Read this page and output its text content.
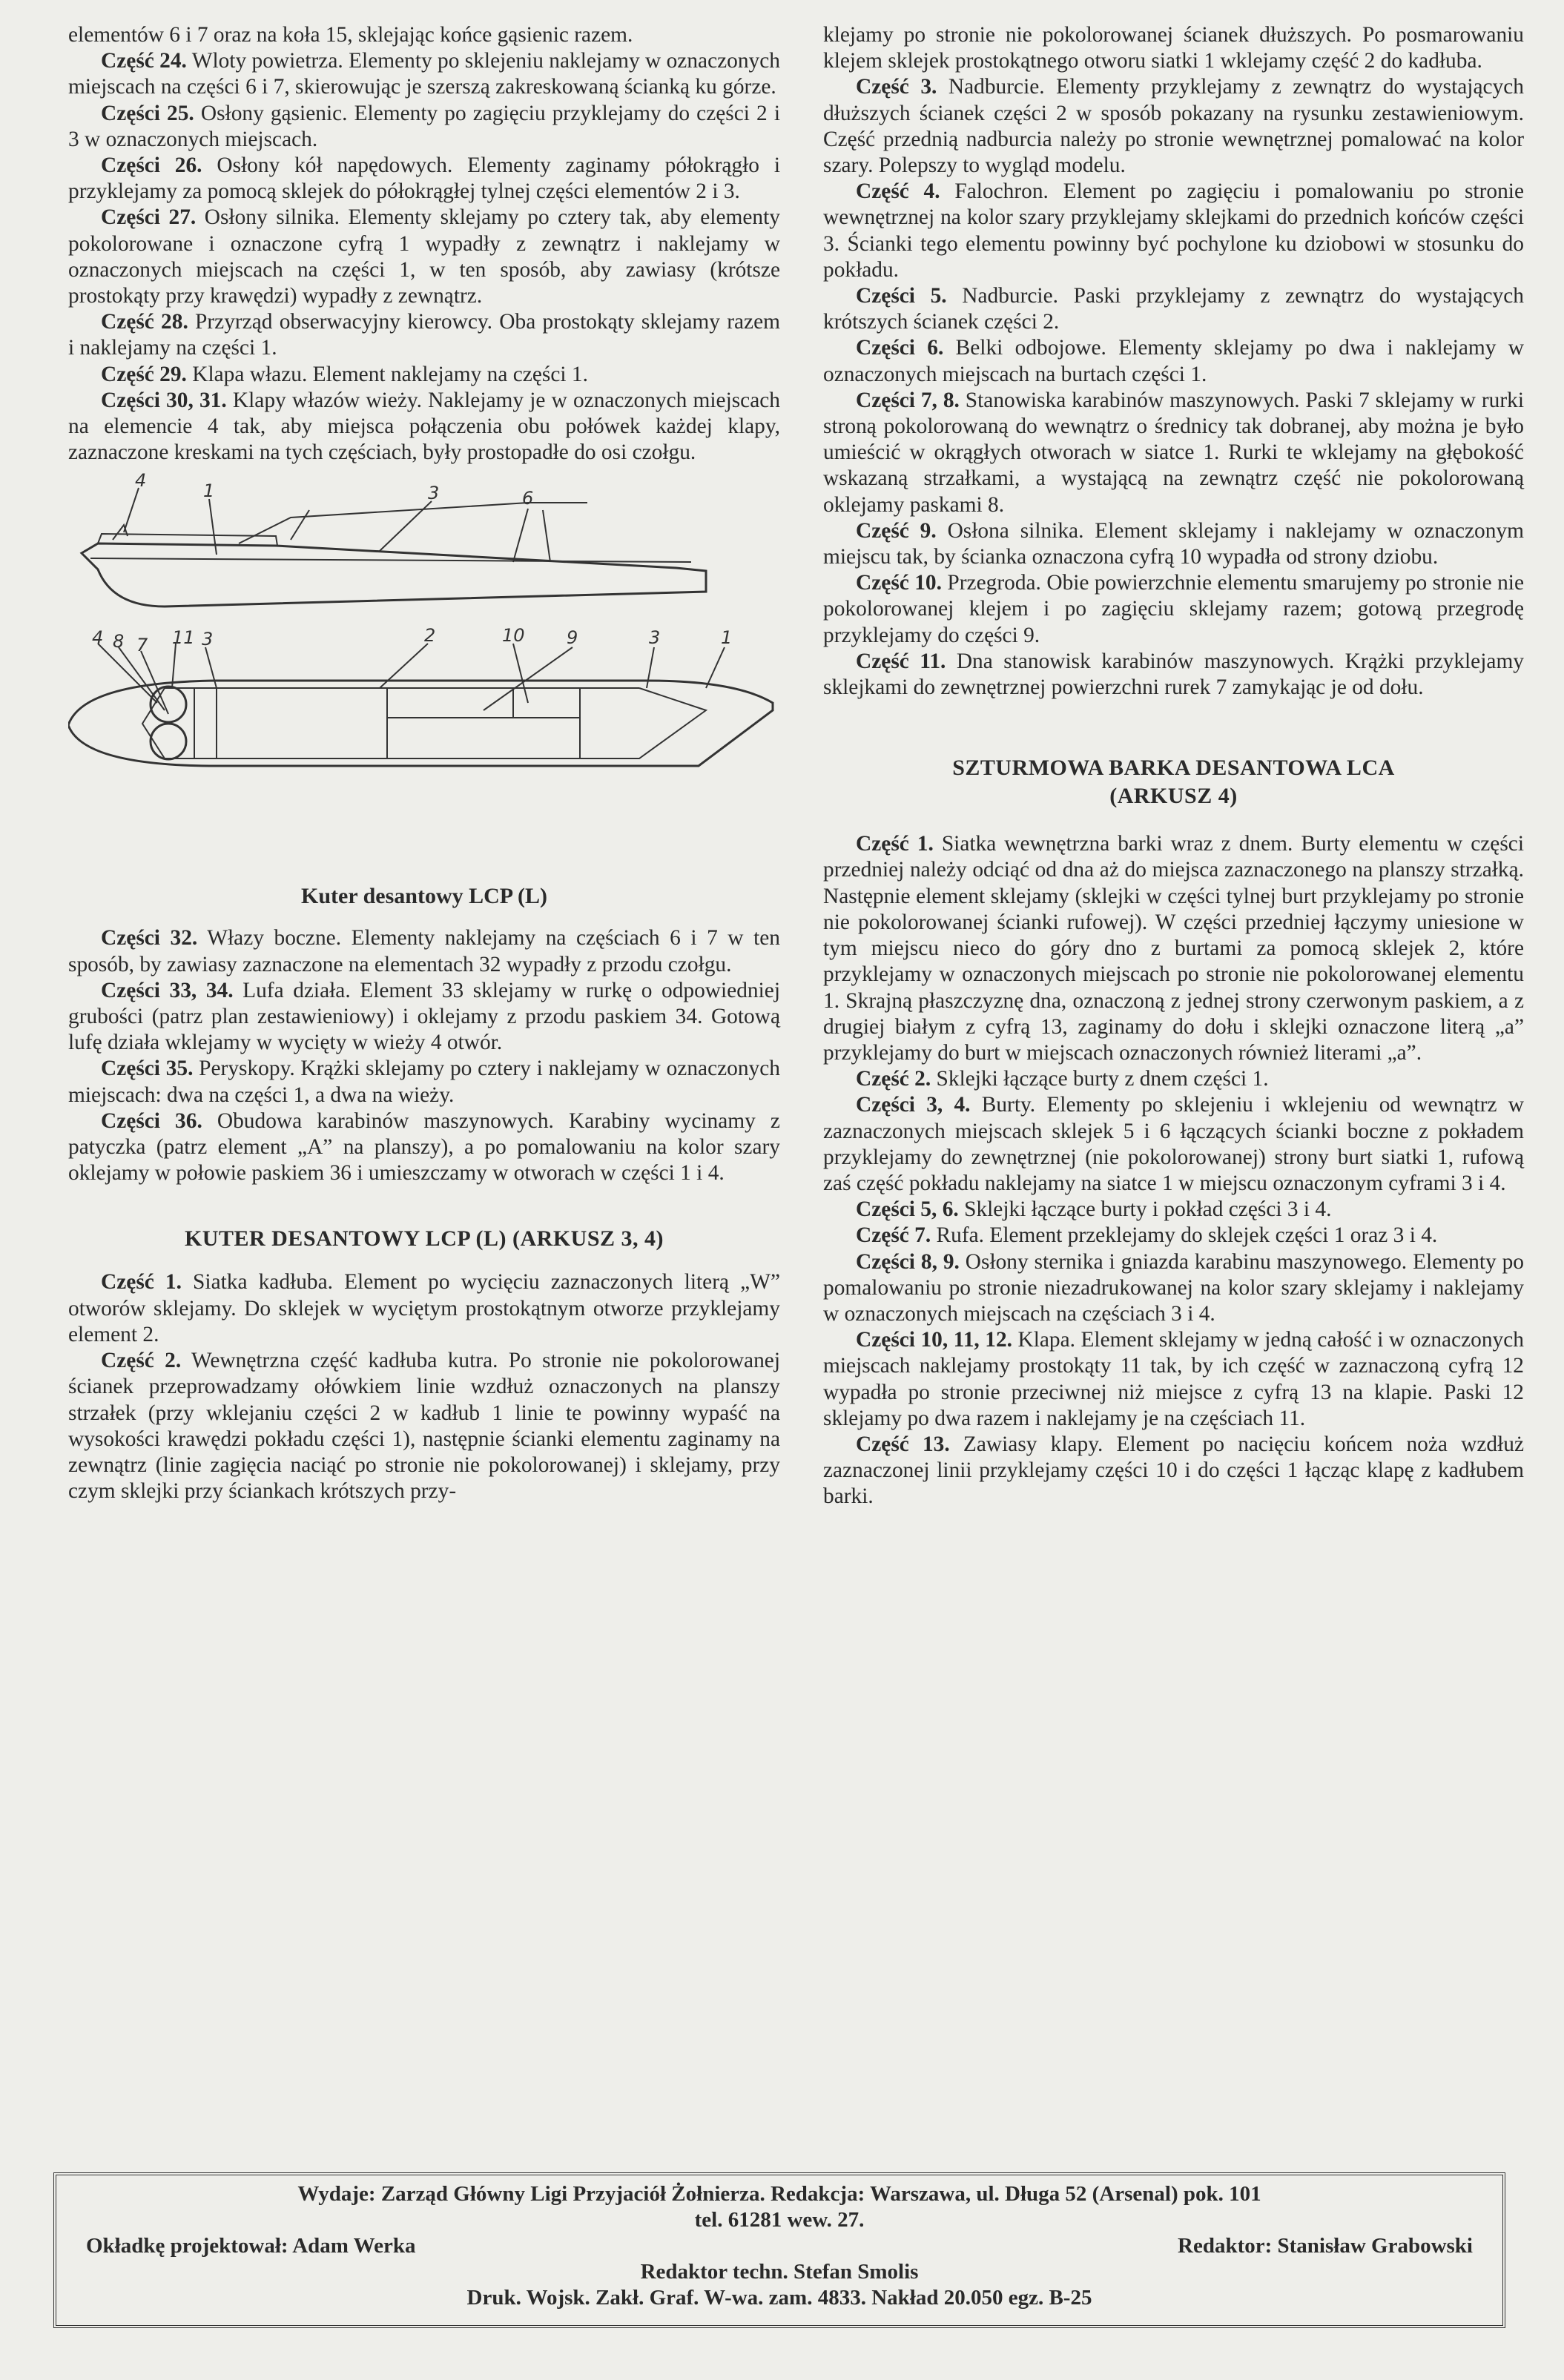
elementów 6 i 7 oraz na koła 15, sklejając końce gąsienic razem.

Część 24. Wloty powietrza. Elementy po sklejeniu naklejamy w oznaczonych miejscach na części 6 i 7, skierowując je szerszą zakreskowaną ścianką ku górze.

Części 25. Osłony gąsienic. Elementy po zagięciu przyklejamy do części 2 i 3 w oznaczonych miejscach.

Części 26. Osłony kół napędowych. Elementy zaginamy półokrągło i przyklejamy za pomocą sklejek do półokrągłej tylnej części elementów 2 i 3.

Części 27. Osłony silnika. Elementy sklejamy po cztery tak, aby elementy pokolorowane i oznaczone cyfrą 1 wypadły z zewnątrz i naklejamy w oznaczonych miejscach na części 1, w ten sposób, aby zawiasy (krótsze prostokąty przy krawędzi) wypadły z zewnątrz.

Część 28. Przyrząd obserwacyjny kierowcy. Oba prostokąty sklejamy razem i naklejamy na części 1.

Część 29. Klapa włazu. Element naklejamy na części 1.

Części 30, 31. Klapy włazów wieży. Naklejamy je w oznaczonych miejscach na elemencie 4 tak, aby miejsca połączenia obu połówek każdej klapy, zaznaczone kreskami na tych częściach, były prostopadłe do osi czołgu.

4	1	3	6
4 8 7 11 3	2	10 9	3	1
Kuter desantowy LCP (L)

Części 32. Włazy boczne. Elementy naklejamy na częściach 6 i 7 w ten sposób, by zawiasy zaznaczone na elementach 32 wypadły z przodu czołgu.

Części 33, 34. Lufa działa. Element 33 sklejamy w rurkę o odpowiedniej grubości (patrz plan zestawieniowy) i oklejamy z przodu paskiem 34. Gotową lufę działa wklejamy w wycięty w wieży 4 otwór.

Części 35. Peryskopy. Krążki sklejamy po cztery i naklejamy w oznaczonych miejscach: dwa na części 1, a dwa na wieży.

Części 36. Obudowa karabinów maszynowych. Karabiny wycinamy z patyczka (patrz element „A” na planszy), a po pomalowaniu na kolor szary oklejamy w połowie paskiem 36 i umieszczamy w otworach w części 1 i 4.

KUTER DESANTOWY LCP (L) (ARKUSZ 3, 4)

Część 1. Siatka kadłuba. Element po wycięciu zaznaczonych literą „W” otworów sklejamy. Do sklejek w wyciętym prostokątnym otworze przyklejamy element 2.

Część 2. Wewnętrzna część kadłuba kutra. Po stronie nie pokolorowanej ścianek przeprowadzamy ołówkiem linie wzdłuż oznaczonych na planszy strzałek (przy wklejaniu części 2 w kadłub 1 linie te powinny wypaść na wysokości krawędzi pokładu części 1), następnie ścianki elementu zaginamy na zewnątrz (linie zagięcia naciąć po stronie nie pokolorowanej) i sklejamy, przy czym sklejki przy ściankach krótszych przy-

klejamy po stronie nie pokolorowanej ścianek dłuższych. Po posmarowaniu klejem sklejek prostokątnego otworu siatki 1 wklejamy część 2 do kadłuba.

Część 3. Nadburcie. Elementy przyklejamy z zewnątrz do wystających dłuższych ścianek części 2 w sposób pokazany na rysunku zestawieniowym. Część przednią nadburcia należy po stronie wewnętrznej pomalować na kolor szary. Polepszy to wygląd modelu.

Część 4. Falochron. Element po zagięciu i pomalowaniu po stronie wewnętrznej na kolor szary przyklejamy sklejkami do przednich końców części 3. Ścianki tego elementu powinny być pochylone ku dziobowi w stosunku do pokładu.

Części 5. Nadburcie. Paski przyklejamy z zewnątrz do wystających krótszych ścianek części 2.

Części 6. Belki odbojowe. Elementy sklejamy po dwa i naklejamy w oznaczonych miejscach na burtach części 1.

Części 7, 8. Stanowiska karabinów maszynowych. Paski 7 sklejamy w rurki stroną pokolorowaną do wewnątrz o średnicy tak dobranej, aby można je było umieścić w okrągłych otworach w siatce 1. Rurki te wklejamy na głębokość wskazaną strzałkami, a wystającą na zewnątrz część nie pokolorowaną oklejamy paskami 8.

Część 9. Osłona silnika. Element sklejamy i naklejamy w oznaczonym miejscu tak, by ścianka oznaczona cyfrą 10 wypadła od strony dziobu.

Część 10. Przegroda. Obie powierzchnie elementu smarujemy po stronie nie pokolorowanej klejem i po zagięciu sklejamy razem; gotową przegrodę przyklejamy do części 9.

Część 11. Dna stanowisk karabinów maszynowych. Krążki przyklejamy sklejkami do zewnętrznej powierzchni rurek 7 zamykając je od dołu.

SZTURMOWA BARKA DESANTOWA LCA
(ARKUSZ 4)

Część 1. Siatka wewnętrzna barki wraz z dnem. Burty elementu w części przedniej należy odciąć od dna aż do miejsca zaznaczonego na planszy strzałką. Następnie element sklejamy (sklejki w części tylnej burt przyklejamy po stronie nie pokolorowanej ścianki rufowej). W części przedniej łączymy uniesione w tym miejscu nieco do góry dno z burtami za pomocą sklejek 2, które przyklejamy w oznaczonych miejscach po stronie nie pokolorowanej elementu 1. Skrajną płaszczyznę dna, oznaczoną z jednej strony czerwonym paskiem, a z drugiej białym z cyfrą 13, zaginamy do dołu i sklejki oznaczone literą „a” przyklejamy do burt w miejscach oznaczonych również literami „a”.

Część 2. Sklejki łączące burty z dnem części 1.

Części 3, 4. Burty. Elementy po sklejeniu i wklejeniu od wewnątrz w zaznaczonych miejscach sklejek 5 i 6 łączących ścianki boczne z pokładem przyklejamy do zewnętrznej (nie pokolorowanej) strony burt siatki 1, rufową zaś część pokładu naklejamy na siatce 1 w miejscu oznaczonym cyframi 3 i 4.

Części 5, 6. Sklejki łączące burty i pokład części 3 i 4.

Część 7. Rufa. Element przeklejamy do sklejek części 1 oraz 3 i 4.

Części 8, 9. Osłony sternika i gniazda karabinu maszynowego. Elementy po pomalowaniu po stronie niezadrukowanej na kolor szary sklejamy i naklejamy w oznaczonych miejscach na częściach 3 i 4.

Części 10, 11, 12. Klapa. Element sklejamy w jedną całość i w oznaczonych miejscach naklejamy prostokąty 11 tak, by ich część w zaznaczoną cyfrą 12 wypadła po stronie przeciwnej niż miejsce z cyfrą 13 na klapie. Paski 12 sklejamy po dwa razem i naklejamy je na częściach 11.

Część 13. Zawiasy klapy. Element po nacięciu końcem noża wzdłuż zaznaczonej linii przyklejamy części 10 i do części 1 łącząc klapę z kadłubem barki.

Wydaje: Zarząd Główny Ligi Przyjaciół Żołnierza. Redakcja: Warszawa, ul. Długa 52 (Arsenal) pok. 101
tel. 61281 wew. 27.
Okładkę projektował: Adam Werka	Redaktor: Stanisław Grabowski
Redaktor techn. Stefan Smolis
Druk. Wojsk. Zakł. Graf. W-wa. zam. 4833. Nakład 20.050 egz. B-25
